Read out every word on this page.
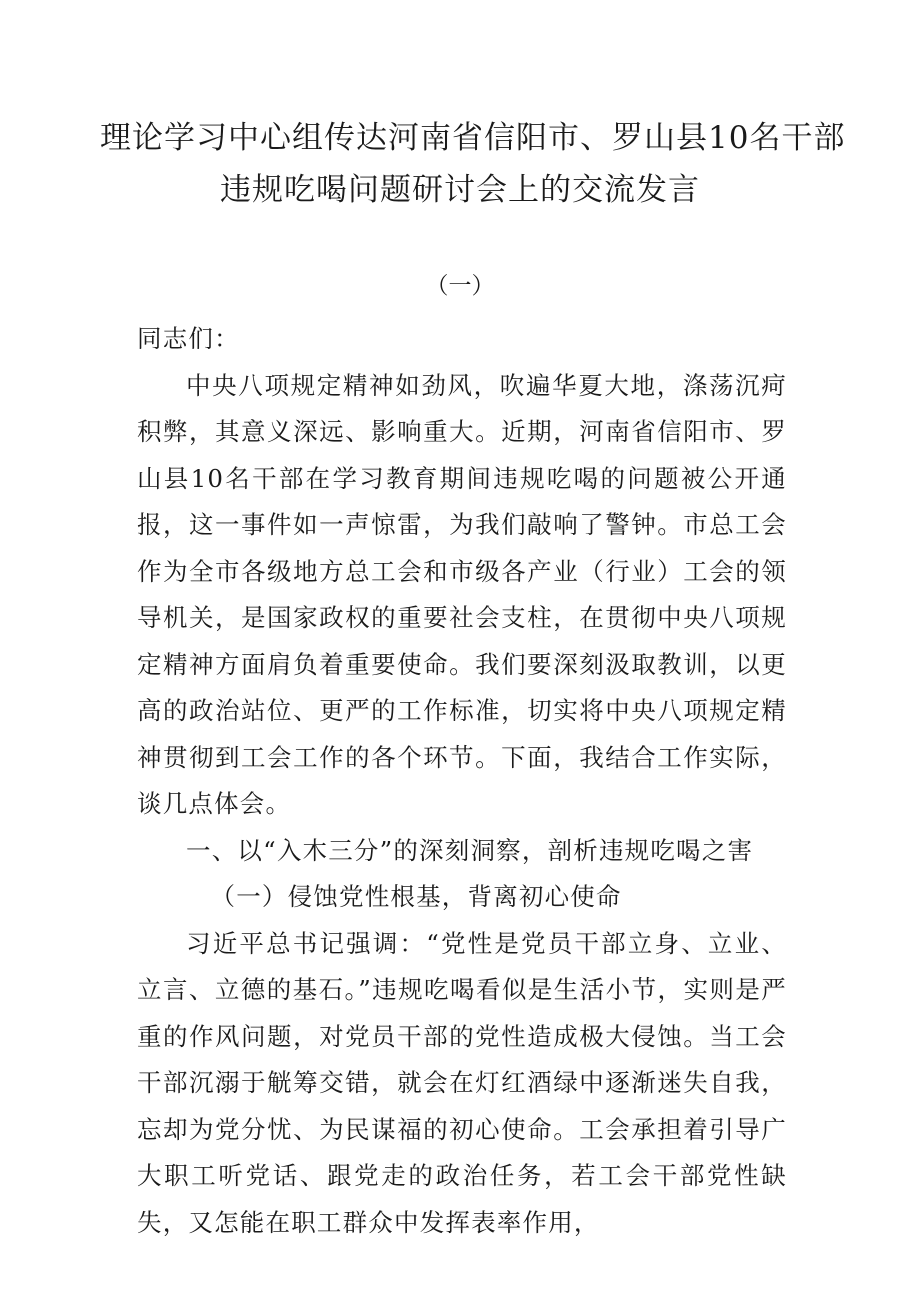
理论学习中心组传达河南省信阳市、罗山县10名干部
违规吃喝问题研讨会上的交流发言
（一）

同志们：

中央八项规定精神如劲风，吹遍华夏大地，涤荡沉疴积弊，其意义深远、影响重大。近期，河南省信阳市、罗山县10名干部在学习教育期间违规吃喝的问题被公开通报，这一事件如一声惊雷，为我们敲响了警钟。市总工会作为全市各级地方总工会和市级各产业（行业）工会的领导机关，是国家政权的重要社会支柱，在贯彻中央八项规定精神方面肩负着重要使命。我们要深刻汲取教训，以更高的政治站位、更严的工作标准，切实将中央八项规定精神贯彻到工会工作的各个环节。下面，我结合工作实际，谈几点体会。

一、以“入木三分”的深刻洞察，剖析违规吃喝之害

（一）侵蚀党性根基，背离初心使命

习近平总书记强调：“党性是党员干部立身、立业、立言、立德的基石。”违规吃喝看似是生活小节，实则是严重的作风问题，对党员干部的党性造成极大侵蚀。当工会干部沉溺于觥筹交错，就会在灯红酒绿中逐渐迷失自我，忘却为党分忧、为民谋福的初心使命。工会承担着引导广大职工听党话、跟党走的政治任务，若工会干部党性缺失，又怎能在职工群众中发挥表率作用，
